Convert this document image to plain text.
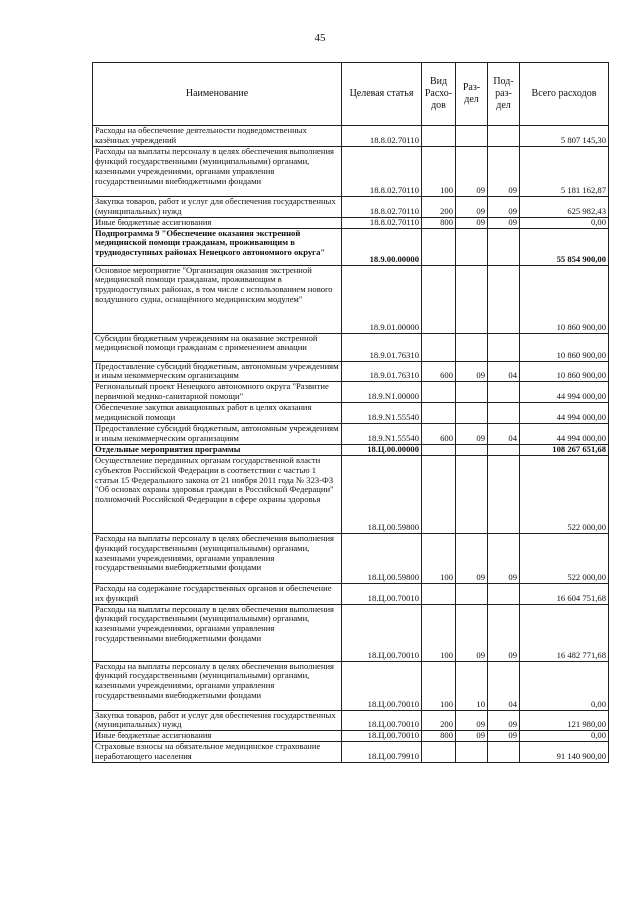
45
Наименование	Целевая статья	Вид Расхо- дов	Раз- дел	Под- раз- дел	Всего расходов
Расходы на обеспечение деятельности подведомственных казённых учреждений	18.8.02.70110				5 807 145,30
Расходы на выплаты персоналу в целях обеспечения выполнения функций государственными (муниципальными) органами, казенными учреждениями, органами управления государственными внебюджетными фондами	18.8.02.70110	100	09	09	5 181 162,87
Закупка товаров, работ и услуг для обеспечения государственных (муниципальных) нужд	18.8.02.70110	200	09	09	625 982,43
Иные бюджетные ассигнования	18.8.02.70110	800	09	09	0,00
Подпрограмма 9 "Обеспечение оказания экстренной медицинской помощи гражданам, проживающим в труднодоступных районах Ненецкого автономного округа"	18.9.00.00000				55 854 900,00
Основное мероприятие "Организация оказания экстренной медицинской помощи гражданам, проживающим в труднодоступных районах, в том числе с использованием нового воздушного судна, оснащённого медицинским модулем"	18.9.01.00000				10 860 900,00
Субсидии бюджетным учреждениям на оказание экстренной медицинской помощи гражданам с применением авиации	18.9.01.76310				10 860 900,00
Предоставление субсидий бюджетным, автономным учреждениям и иным некоммерческим организациям	18.9.01.76310	600	09	04	10 860 900,00
Региональный проект Ненецкого автономного округа "Развитие первичной медико-санитарной помощи"	18.9.N1.00000				44 994 000,00
Обеспечение закупки авиационных работ в целях оказания медицинской помощи	18.9.N1.55540				44 994 000,00
Предоставление субсидий бюджетным, автономным учреждениям и иным некоммерческим организациям	18.9.N1.55540	600	09	04	44 994 000,00
Отдельные мероприятия программы	18.Ц.00.00000				108 267 651,68
Осуществление переданных органам государственной власти субъектов Российской Федерации в соответствии с частью 1 статьи 15 Федерального закона от 21 ноября 2011 года № 323-ФЗ "Об основах охраны здоровья граждан в Российской Федерации" полномочий Российской Федерации в сфере охраны здоровья	18.Ц.00.59800				522 000,00
Расходы на выплаты персоналу в целях обеспечения выполнения функций государственными (муниципальными) органами, казенными учреждениями, органами управления государственными внебюджетными фондами	18.Ц.00.59800	100	09	09	522 000,00
Расходы на содержание государственных органов и обеспечение их функций	18.Ц.00.70010				16 604 751,68
Расходы на выплаты персоналу в целях обеспечения выполнения функций государственными (муниципальными) органами, казенными учреждениями, органами управления государственными внебюджетными фондами	18.Ц.00.70010	100	09	09	16 482 771,68
Расходы на выплаты персоналу в целях обеспечения выполнения функций государственными (муниципальными) органами, казенными учреждениями, органами управления государственными внебюджетными фондами	18.Ц.00.70010	100	10	04	0,00
Закупка товаров, работ и услуг для обеспечения государственных (муниципальных) нужд	18.Ц.00.70010	200	09	09	121 980,00
Иные бюджетные ассигнования	18.Ц.00.70010	800	09	09	0,00
Страховые взносы на обязательное медицинское страхование неработающего населения	18.Ц.00.79910				91 140 900,00
